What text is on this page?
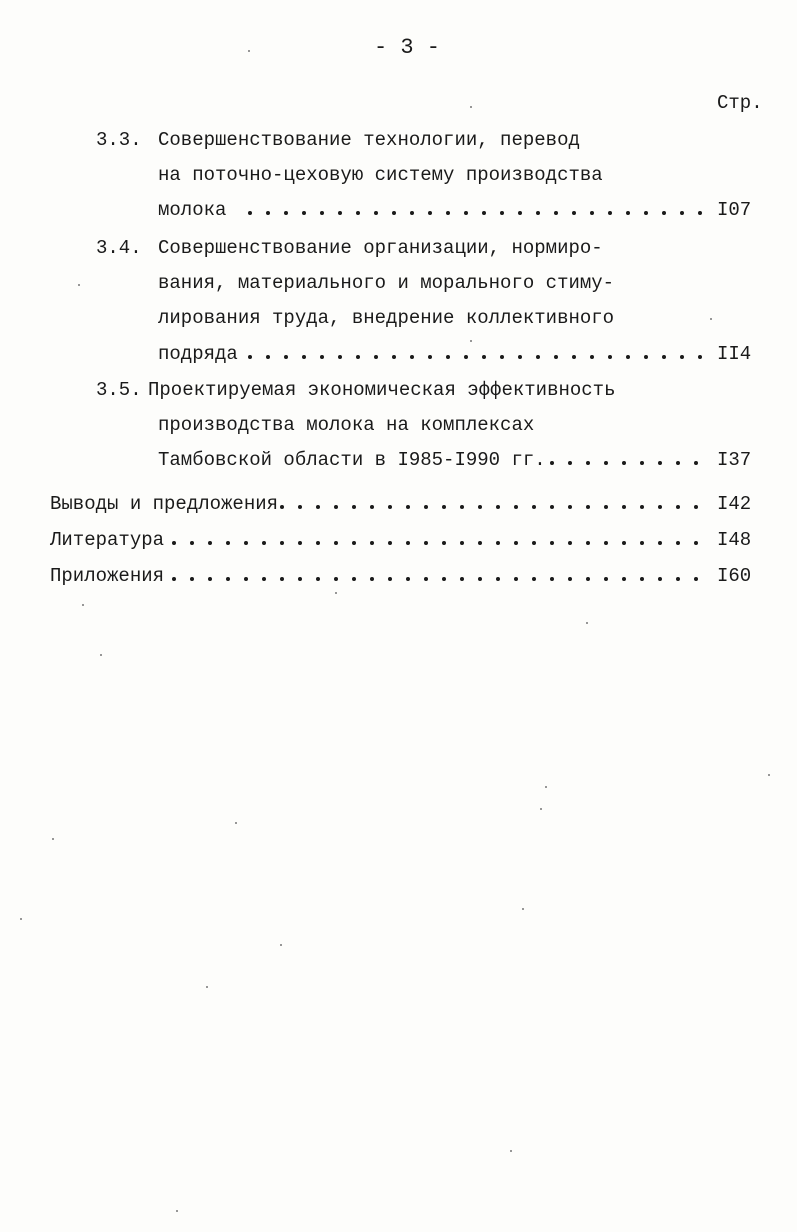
- 3 -
Стр.
3.3. Совершенствование технологии, перевод
на поточно-цеховую систему производства
молока	I07
3.4. Совершенствование организации, нормиро-
вания, материального и морального стиму-
лирования труда, внедрение коллективного
подряда	II4
3.5. Проектируемая экономическая эффективность
производства молока на комплексах
Тамбовской области в I985-I990 гг.	I37
Выводы и предложения	I42
Литература	I48
Приложения	I60
